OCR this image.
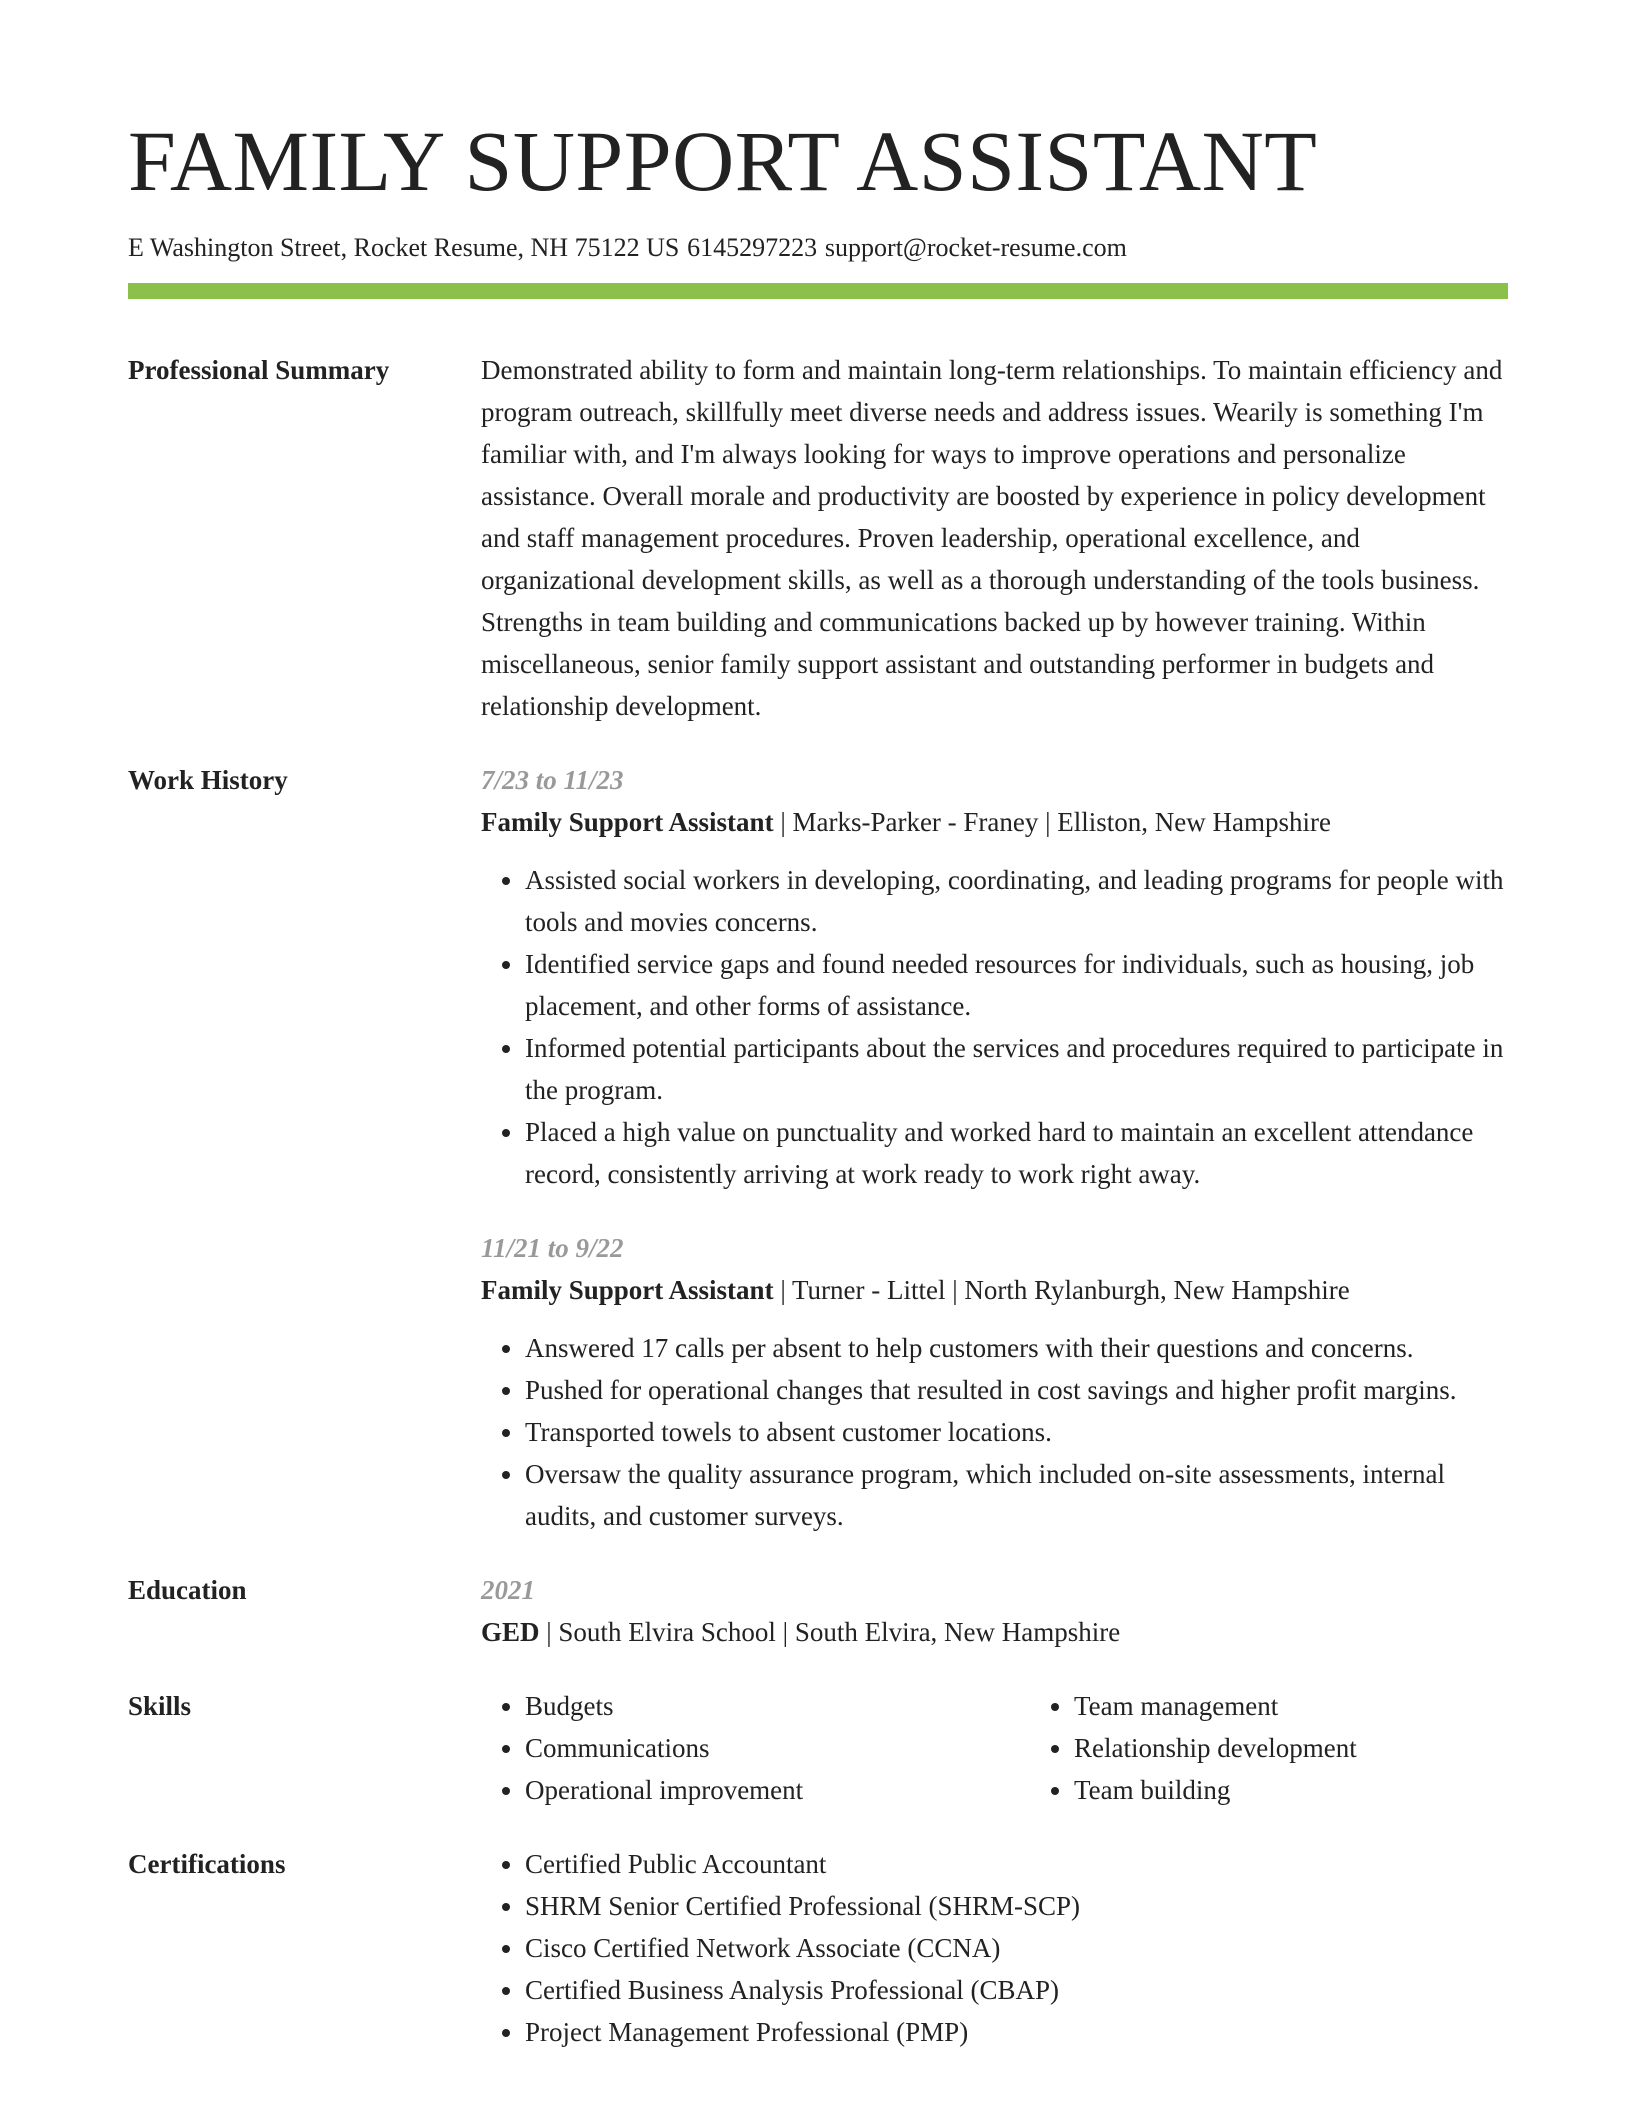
FAMILY SUPPORT ASSISTANT
E Washington Street, Rocket Resume, NH 75122 US 6145297223 support@rocket-resume.com
Professional Summary	Demonstrated ability to form and maintain long-term relationships. To maintain efficiency and program outreach, skillfully meet diverse needs and address issues. Wearily is something I'm familiar with, and I'm always looking for ways to improve operations and personalize assistance. Overall morale and productivity are boosted by experience in policy development and staff management procedures. Proven leadership, operational excellence, and organizational development skills, as well as a thorough understanding of the tools business. Strengths in team building and communications backed up by however training. Within miscellaneous, senior family support assistant and outstanding performer in budgets and relationship development.
Work History	7/23 to 11/23
Family Support Assistant | Marks-Parker - Franey | Elliston, New Hampshire
• Assisted social workers in developing, coordinating, and leading programs for people with tools and movies concerns.
• Identified service gaps and found needed resources for individuals, such as housing, job placement, and other forms of assistance.
• Informed potential participants about the services and procedures required to participate in the program.
• Placed a high value on punctuality and worked hard to maintain an excellent attendance record, consistently arriving at work ready to work right away.
11/21 to 9/22
Family Support Assistant | Turner - Littel | North Rylanburgh, New Hampshire
• Answered 17 calls per absent to help customers with their questions and concerns.
• Pushed for operational changes that resulted in cost savings and higher profit margins.
• Transported towels to absent customer locations.
• Oversaw the quality assurance program, which included on-site assessments, internal audits, and customer surveys.
Education	2021
GED | South Elvira School | South Elvira, New Hampshire
Skills	• Budgets
• Communications
• Operational improvement
• Team management
• Relationship development
• Team building
Certifications	• Certified Public Accountant
• SHRM Senior Certified Professional (SHRM-SCP)
• Cisco Certified Network Associate (CCNA)
• Certified Business Analysis Professional (CBAP)
• Project Management Professional (PMP)
